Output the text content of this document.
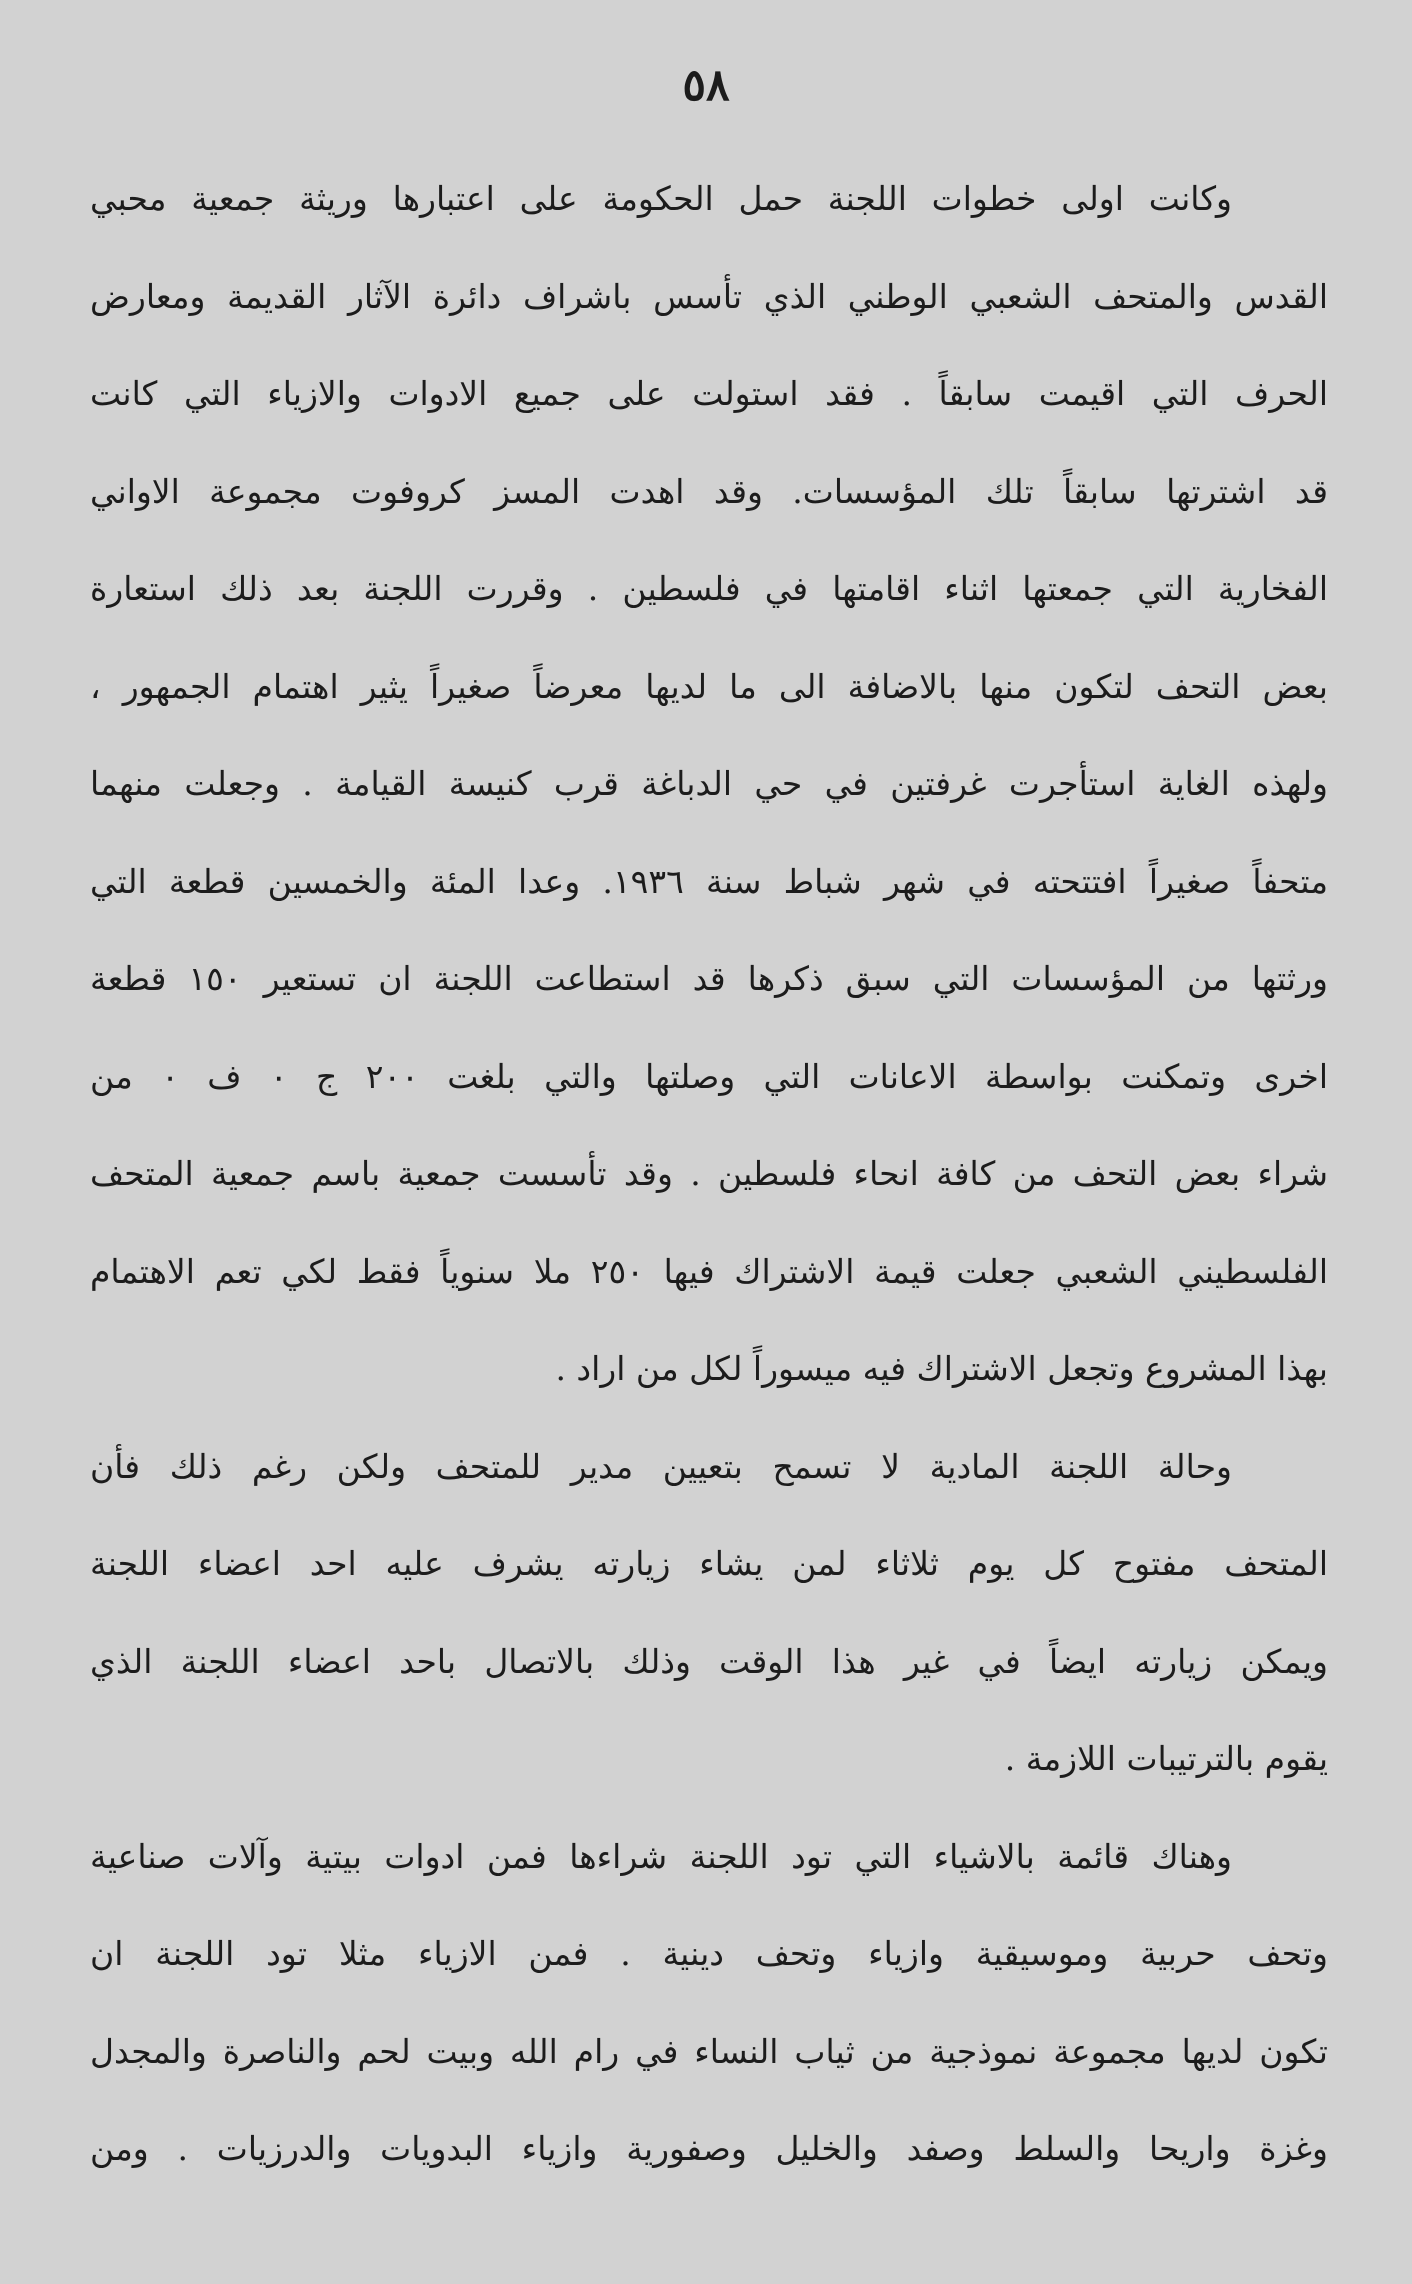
٥٨
وكانت اولى خطوات اللجنة حمل الحكومة على اعتبارها وريثة جمعية محبي
القدس والمتحف الشعبي الوطني الذي تأسس باشراف دائرة الآثار القديمة ومعارض
الحرف التي اقيمت سابقاً . فقد استولت على جميع الادوات والازياء التي كانت
قد اشترتها سابقاً تلك المؤسسات. وقد اهدت المسز كروفوت مجموعة الاواني
الفخارية التي جمعتها اثناء اقامتها في فلسطين . وقررت اللجنة بعد ذلك استعارة
بعض التحف لتكون منها بالاضافة الى ما لديها معرضاً صغيراً يثير اهتمام الجمهور ،
ولهذه الغاية استأجرت غرفتين في حي الدباغة قرب كنيسة القيامة . وجعلت منهما
متحفاً صغيراً افتتحته في شهر شباط سنة ١٩٣٦. وعدا المئة والخمسين قطعة التي
ورثتها من المؤسسات التي سبق ذكرها قد استطاعت اللجنة ان تستعير ١٥٠ قطعة
اخرى وتمكنت بواسطة الاعانات التي وصلتها والتي بلغت ٢٠٠ ج ٠ ف ٠ من
شراء بعض التحف من كافة انحاء فلسطين . وقد تأسست جمعية باسم جمعية المتحف
الفلسطيني الشعبي جعلت قيمة الاشتراك فيها ٢٥٠ ملا سنوياً فقط لكي تعم الاهتمام
بهذا المشروع وتجعل الاشتراك فيه ميسوراً لكل من اراد .
وحالة اللجنة المادية لا تسمح بتعيين مدير للمتحف ولكن رغم ذلك فأن
المتحف مفتوح كل يوم ثلاثاء لمن يشاء زيارته يشرف عليه احد اعضاء اللجنة
ويمكن زيارته ايضاً في غير هذا الوقت وذلك بالاتصال باحد اعضاء اللجنة الذي
يقوم بالترتيبات اللازمة .
وهناك قائمة بالاشياء التي تود اللجنة شراءها فمن ادوات بيتية وآلات صناعية
وتحف حربية وموسيقية وازياء وتحف دينية . فمن الازياء مثلا تود اللجنة ان
تكون لديها مجموعة نموذجية من ثياب النساء في رام الله وبيت لحم والناصرة والمجدل
وغزة واريحا والسلط وصفد والخليل وصفورية وازياء البدويات والدرزيات . ومن
